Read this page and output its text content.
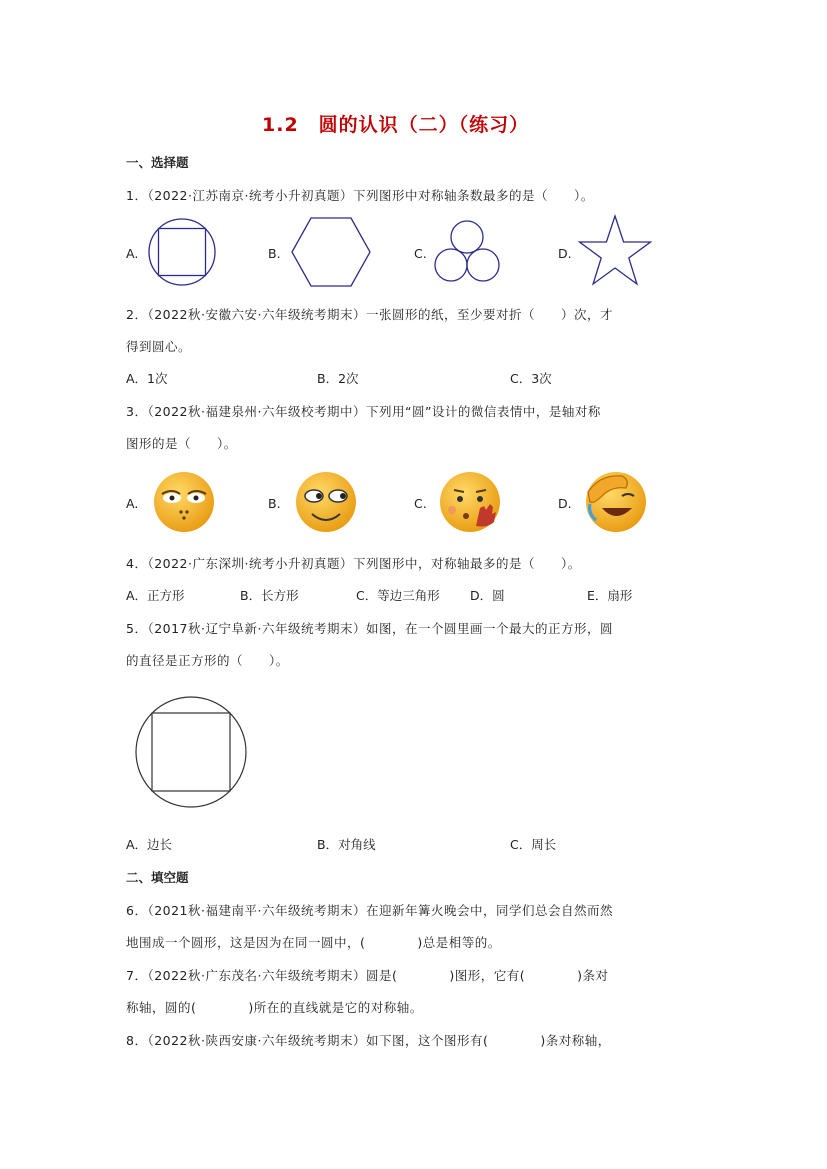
1.2　圆的认识（二）（练习）
一、选择题
1．（2022·江苏南京·统考小升初真题）下列图形中对称轴条数最多的是（　　）。
A.	B.	C.	D.
2．（2022秋·安徽六安·六年级统考期末）一张圆形的纸，至少要对折（　　）次，才
得到圆心。
A．1次	B．2次	C．3次
3．（2022秋·福建泉州·六年级校考期中）下列用“圆”设计的微信表情中，是轴对称
图形的是（　　）。
A.	B.	C.	D.
4．（2022·广东深圳·统考小升初真题）下列图形中，对称轴最多的是（　　）。
A．正方形	B．长方形	C．等边三角形 D．圆	E．扇形
5．（2017秋·辽宁阜新·六年级统考期末）如图，在一个圆里画一个最大的正方形，圆
的直径是正方形的（　　）。
A．边长	B．对角线	C．周长
二、填空题
6．（2021秋·福建南平·六年级统考期末）在迎新年篝火晚会中，同学们总会自然而然
地围成一个圆形，这是因为在同一圆中，(　　　　)总是相等的。
7．（2022秋·广东茂名·六年级统考期末）圆是(　　　　)图形，它有(　　　　)条对
称轴，圆的(　　　　)所在的直线就是它的对称轴。
8．（2022秋·陕西安康·六年级统考期末）如下图，这个图形有(　　　　)条对称轴，
